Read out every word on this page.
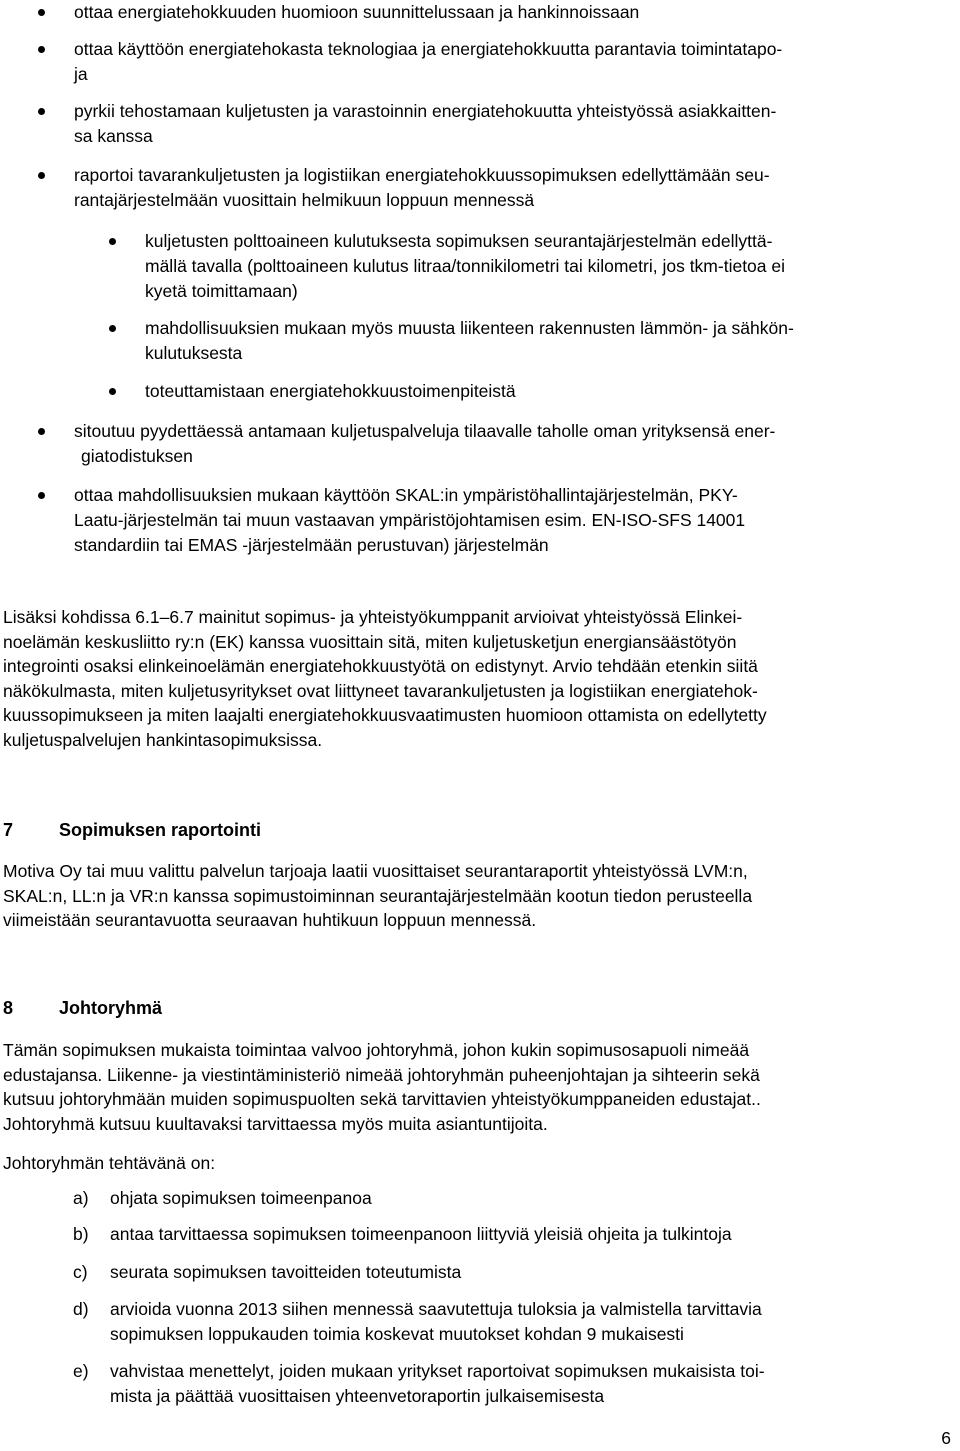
ottaa energiatehokkuuden huomioon suunnittelussaan ja hankinnoissaan
ottaa käyttöön energiatehokasta teknologiaa ja energiatehokkuutta parantavia toimintatapo-
ja
pyrkii tehostamaan kuljetusten ja varastoinnin energiatehokuutta yhteistyössä asiakkaitten-
sa kanssa
raportoi tavarankuljetusten ja logistiikan energiatehokkuussopimuksen edellyttämään seu-
rantajärjestelmään vuosittain helmikuun loppuun mennessä
kuljetusten polttoaineen kulutuksesta sopimuksen seurantajärjestelmän edellyttä-
mällä tavalla (polttoaineen kulutus litraa/tonnikilometri tai kilometri, jos tkm-tietoa ei
kyetä toimittamaan)
mahdollisuuksien mukaan myös muusta liikenteen rakennusten lämmön- ja sähkön-
kulutuksesta
toteuttamistaan energiatehokkuustoimenpiteistä
sitoutuu pyydettäessä antamaan kuljetuspalveluja tilaavalle taholle oman yrityksensä ener-
giatodistuksen
ottaa mahdollisuuksien mukaan käyttöön SKAL:in ympäristöhallintajärjestelmän, PKY-
Laatu-järjestelmän tai muun vastaavan ympäristöjohtamisen esim. EN-ISO-SFS 14001
standardiin tai EMAS -järjestelmään perustuvan) järjestelmän
Lisäksi kohdissa 6.1–6.7 mainitut sopimus- ja yhteistyökumppanit arvioivat yhteistyössä Elinkei-
noelämän keskusliitto ry:n (EK) kanssa vuosittain sitä, miten kuljetusketjun energiansäästötyön
integrointi osaksi elinkeinoelämän energiatehokkuustyötä on edistynyt. Arvio tehdään etenkin siitä
näkökulmasta, miten kuljetusyritykset ovat liittyneet tavarankuljetusten ja logistiikan energiatehok-
kuussopimukseen ja miten laajalti energiatehokkuusvaatimusten huomioon ottamista on edellytetty
kuljetuspalvelujen hankintasopimuksissa.
7	Sopimuksen raportointi
Motiva Oy tai muu valittu palvelun tarjoaja laatii vuosittaiset seurantaraportit yhteistyössä LVM:n,
SKAL:n, LL:n ja VR:n kanssa sopimustoiminnan seurantajärjestelmään kootun tiedon perusteella
viimeistään seurantavuotta seuraavan huhtikuun loppuun mennessä.
8	Johtoryhmä
Tämän sopimuksen mukaista toimintaa valvoo johtoryhmä, johon kukin sopimusosapuoli nimeää
edustajansa. Liikenne- ja viestintäministeriö nimeää johtoryhmän puheenjohtajan ja sihteerin sekä
kutsuu johtoryhmään muiden sopimuspuolten sekä tarvittavien yhteistyökumppaneiden edustajat..
Johtoryhmä kutsuu kuultavaksi tarvittaessa myös muita asiantuntijoita.
Johtoryhmän tehtävänä on:
a)	ohjata sopimuksen toimeenpanoa
b)	antaa tarvittaessa sopimuksen toimeenpanoon liittyviä yleisiä ohjeita ja tulkintoja
c)	seurata sopimuksen tavoitteiden toteutumista
d)	arvioida vuonna 2013 siihen mennessä saavutettuja tuloksia ja valmistella tarvittavia
sopimuksen loppukauden toimia koskevat muutokset kohdan 9 mukaisesti
e)	vahvistaa menettelyt, joiden mukaan yritykset raportoivat sopimuksen mukaisista toi-
mista ja päättää vuosittaisen yhteenvetoraportin julkaisemisesta
6
